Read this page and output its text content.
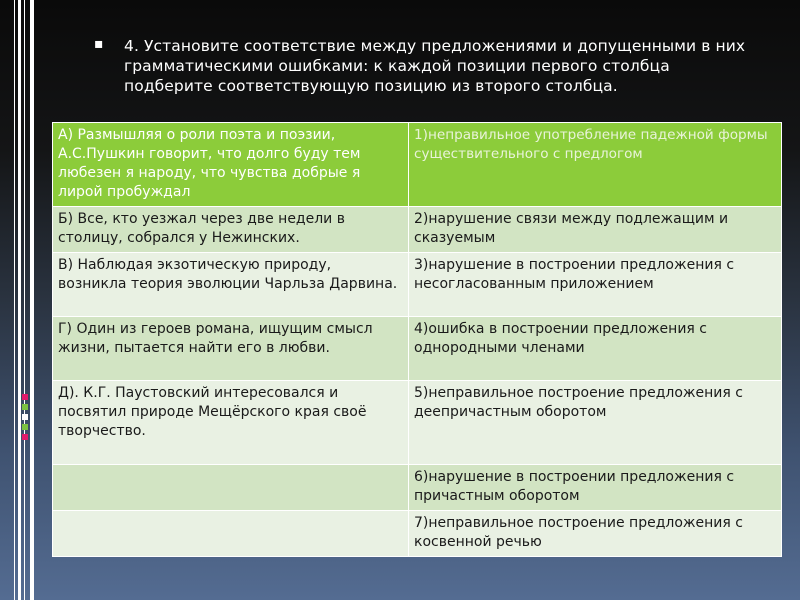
▪ 4. Установите соответствие между предложениями и допущенными в них грамматическими ошибками: к каждой позиции первого столбца подберите соответствующую позицию из второго столбца.
А) Размышляя о роли поэта и поэзии, А.С.Пушкин говорит, что долго буду тем любезен я народу, что чувства добрые я лирой пробуждал	1)неправильное употребление падежной формы существительного с предлогом
Б) Все, кто уезжал через две недели в столицу, собрался у Нежинских.	2)нарушение связи между подлежащим и сказуемым
В) Наблюдая экзотическую природу, возникла теория эволюции Чарльза Дарвина.	3)нарушение в построении предложения с несогласованным приложением
Г) Один из героев романа, ищущим смысл жизни, пытается найти его в любви.	4)ошибка в построении предложения с однородными членами
Д). К.Г. Паустовский интересовался и посвятил природе Мещёрского края своё творчество.	5)неправильное построение предложения с деепричастным оборотом
	6)нарушение в построении предложения с причастным оборотом
	7)неправильное построение предложения с косвенной речью
